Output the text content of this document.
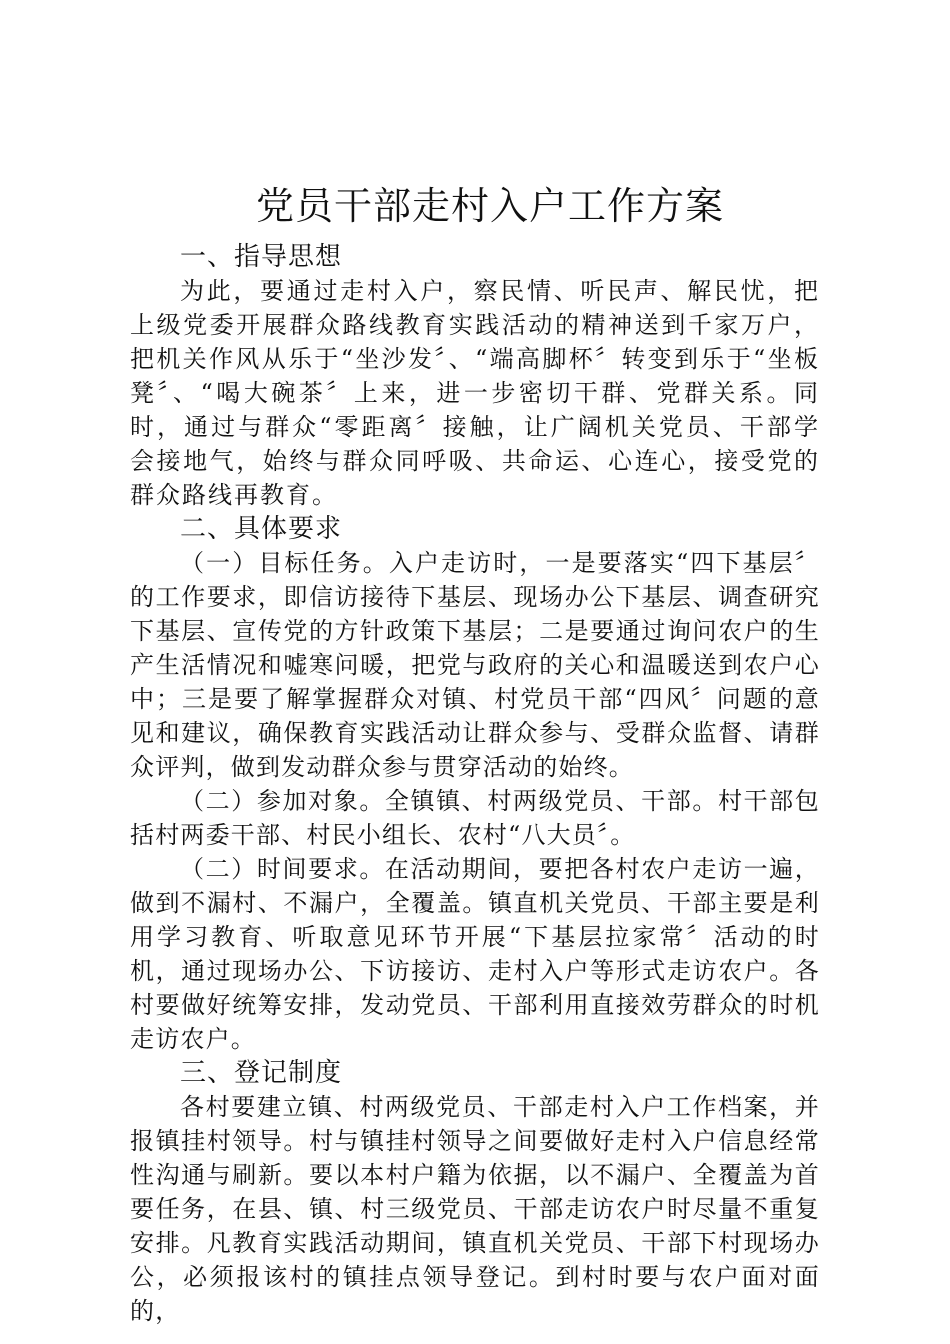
党员干部走村入户工作方案

一、指导思想

为此，要通过走村入户，察民情、听民声、解民忧，把上级党委开展群众路线教育实践活动的精神送到千家万户，把机关作风从乐于“坐沙发〞、“端高脚杯〞转变到乐于“坐板凳〞、“喝大碗茶〞上来，进一步密切干群、党群关系。同时，通过与群众“零距离〞接触，让广阔机关党员、干部学会接地气，始终与群众同呼吸、共命运、心连心，接受党的群众路线再教育。

二、具体要求

（一）目标任务。入户走访时，一是要落实“四下基层〞的工作要求，即信访接待下基层、现场办公下基层、调查研究下基层、宣传党的方针政策下基层；二是要通过询问农户的生产生活情况和嘘寒问暖，把党与政府的关心和温暖送到农户心中；三是要了解掌握群众对镇、村党员干部“四风〞问题的意见和建议，确保教育实践活动让群众参与、受群众监督、请群众评判，做到发动群众参与贯穿活动的始终。

（二）参加对象。全镇镇、村两级党员、干部。村干部包括村两委干部、村民小组长、农村“八大员〞。

（二）时间要求。在活动期间，要把各村农户走访一遍，做到不漏村、不漏户，全覆盖。镇直机关党员、干部主要是利用学习教育、听取意见环节开展“下基层拉家常〞活动的时机，通过现场办公、下访接访、走村入户等形式走访农户。各村要做好统筹安排，发动党员、干部利用直接效劳群众的时机走访农户。

三、登记制度

各村要建立镇、村两级党员、干部走村入户工作档案，并报镇挂村领导。村与镇挂村领导之间要做好走村入户信息经常性沟通与刷新。要以本村户籍为依据，以不漏户、全覆盖为首要任务，在县、镇、村三级党员、干部走访农户时尽量不重复安排。凡教育实践活动期间，镇直机关党员、干部下村现场办公，必须报该村的镇挂点领导登记。到村时要与农户面对面的，
